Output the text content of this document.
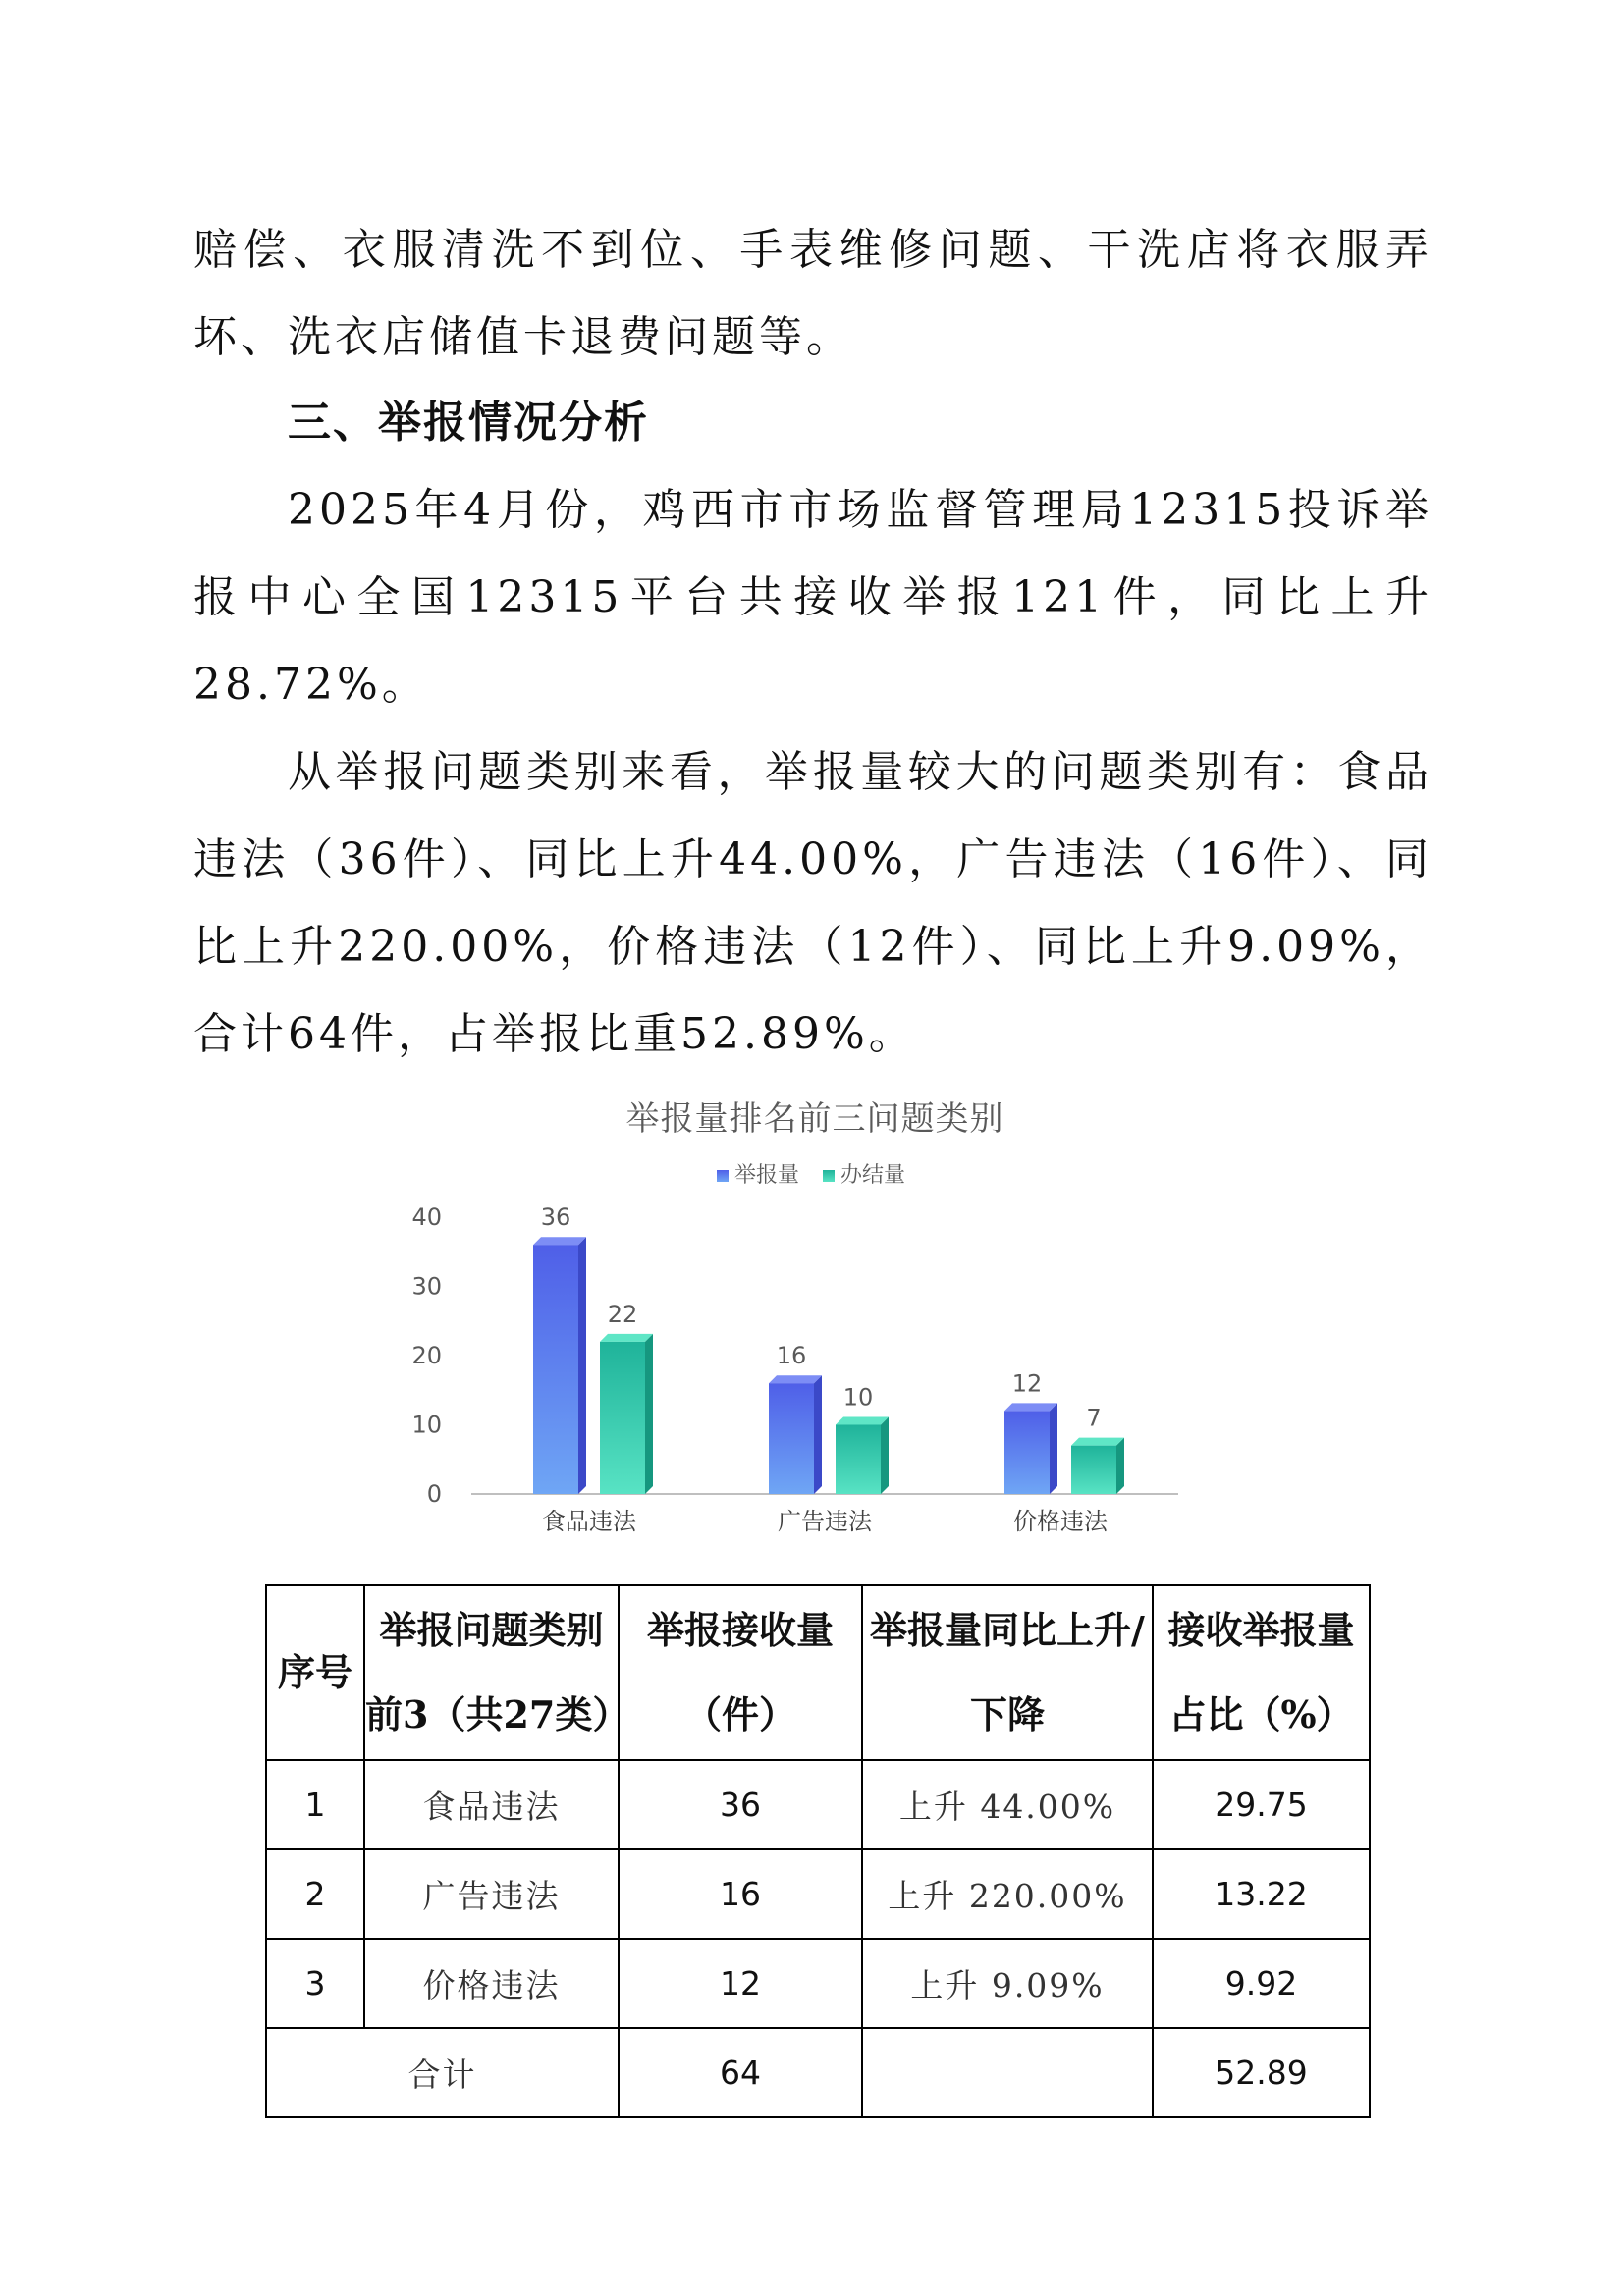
赔偿、衣服清洗不到位、手表维修问题、干洗店将衣服弄坏、洗衣店储值卡退费问题等。

三、举报情况分析

2025年4月份，鸡西市市场监督管理局12315投诉举报中心全国12315平台共接收举报121件，同比上升28.72%。

从举报问题类别来看，举报量较大的问题类别有：食品违法（36件）、同比上升44.00%，广告违法（16件）、同比上升220.00%，价格违法（12件）、同比上升9.09%，合计64件，占举报比重52.89%。

举报量排名前三问题类别
举报量 办结量
0
10
20
30
40	36
22
食品违法
16
10
广告违法
12
7
价格违法
序号	举报问题类别前3（共27类）	举报接收量（件）	举报量同比上升/下降	接收举报量占比（%）
1	食品违法	36	上升 44.00%	29.75
2	广告违法	16	上升 220.00%	13.22
3	价格违法	12	上升 9.09%	9.92
合计		64		52.89
